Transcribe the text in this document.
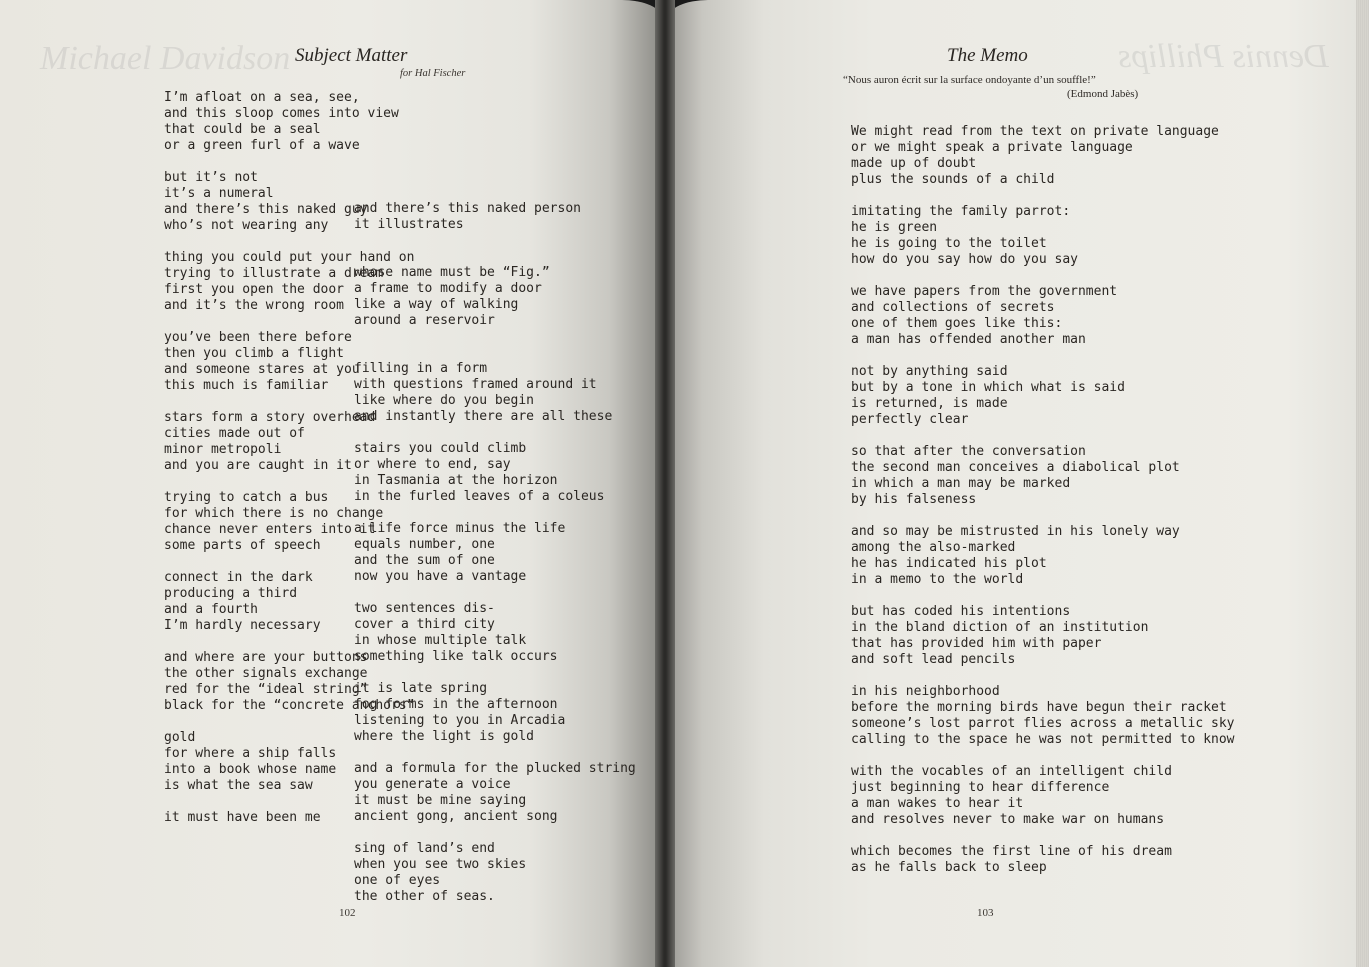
Michael Davidson Subject Matter
for Hal Fischer
I’m afloat on a sea, see,
and this sloop comes into view
that could be a seal
or a green furl of a wave

but it’s not
it’s a numeral
and there’s this naked guy
who’s not wearing any

thing you could put your hand on
trying to illustrate a dream
first you open the door
and it’s the wrong room

you’ve been there before
then you climb a flight
and someone stares at you
this much is familiar

stars form a story overhead
cities made out of
minor metropoli
and you are caught in it

trying to catch a bus
for which there is no change
chance never enters into it
some parts of speech

connect in the dark
producing a third
and a fourth
I’m hardly necessary

and where are your buttons
the other signals exchange
red for the “ideal string”
black for the “concrete anchors”

gold
for where a ship falls
into a book whose name
is what the sea saw

it must have been me
and there’s this naked person
it illustrates

whose name must be “Fig.”
a frame to modify a door
like a way of walking
around a reservoir

filling in a form
with questions framed around it
like where do you begin
and instantly there are all these

stairs you could climb
or where to end, say
in Tasmania at the horizon
in the furled leaves of a coleus

a life force minus the life
equals number, one
and the sum of one
now you have a vantage

two sentences dis-
cover a third city
in whose multiple talk
something like talk occurs

it is late spring
fog forms in the afternoon
listening to you in Arcadia
where the light is gold

and a formula for the plucked string
you generate a voice
it must be mine saying
ancient gong, ancient song

sing of land’s end
when you see two skies
one of eyes
the other of seas.
102
Dennis Phillips
The Memo
“Nous auron écrit sur la surface ondoyante d’un souffle!”
(Edmond Jabès)
We might read from the text on private language
or we might speak a private language
made up of doubt
plus the sounds of a child

imitating the family parrot:
he is green
he is going to the toilet
how do you say how do you say

we have papers from the government
and collections of secrets
one of them goes like this:
a man has offended another man

not by anything said
but by a tone in which what is said
is returned, is made
perfectly clear

so that after the conversation
the second man conceives a diabolical plot
in which a man may be marked
by his falseness

and so may be mistrusted in his lonely way
among the also-marked
he has indicated his plot
in a memo to the world

but has coded his intentions
in the bland diction of an institution
that has provided him with paper
and soft lead pencils

in his neighborhood
before the morning birds have begun their racket
someone’s lost parrot flies across a metallic sky
calling to the space he was not permitted to know

with the vocables of an intelligent child
just beginning to hear difference
a man wakes to hear it
and resolves never to make war on humans

which becomes the first line of his dream
as he falls back to sleep
103
